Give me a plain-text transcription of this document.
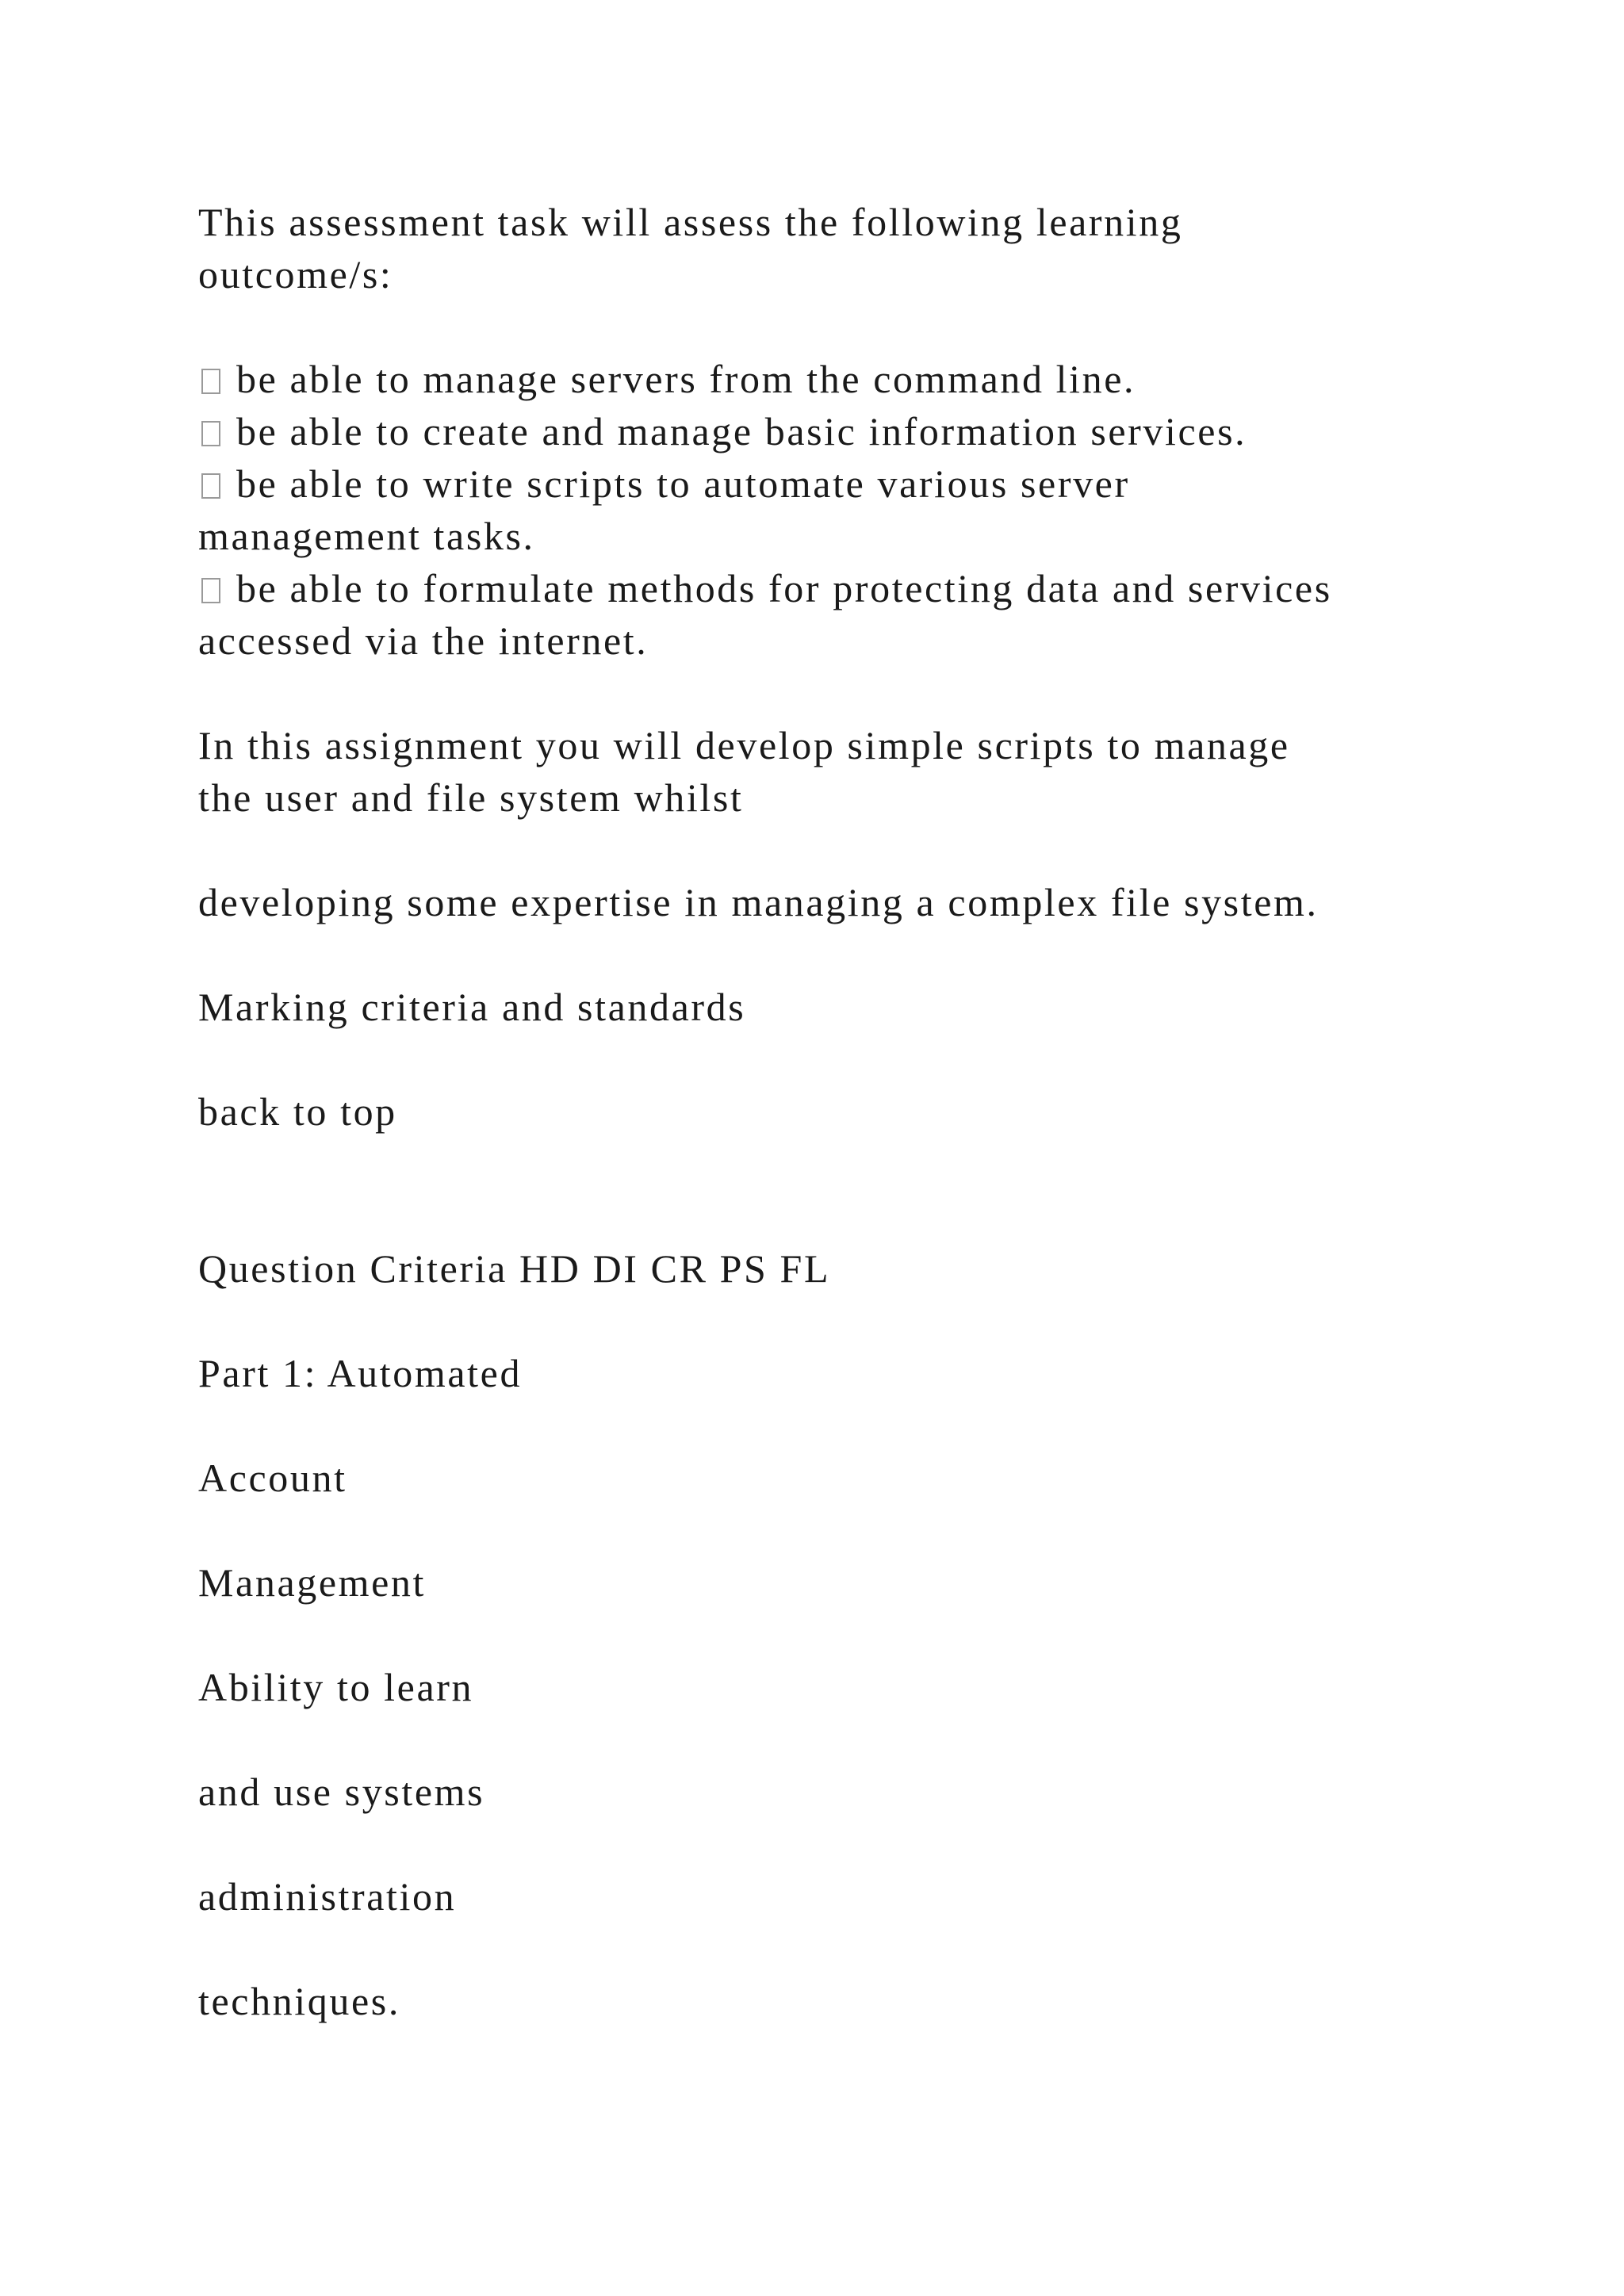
This assessment task will assess the following learning
outcome/s:
be able to manage servers from the command line.
be able to create and manage basic information services.
be able to write scripts to automate various server
management tasks.
be able to formulate methods for protecting data and services
accessed via the internet.
In this assignment you will develop simple scripts to manage
the user and file system whilst
developing some expertise in managing a complex file system.
Marking criteria and standards
back to top
Question Criteria HD DI CR PS FL
Part 1: Automated
Account
Management
Ability to learn
and use systems
administration
techniques.
